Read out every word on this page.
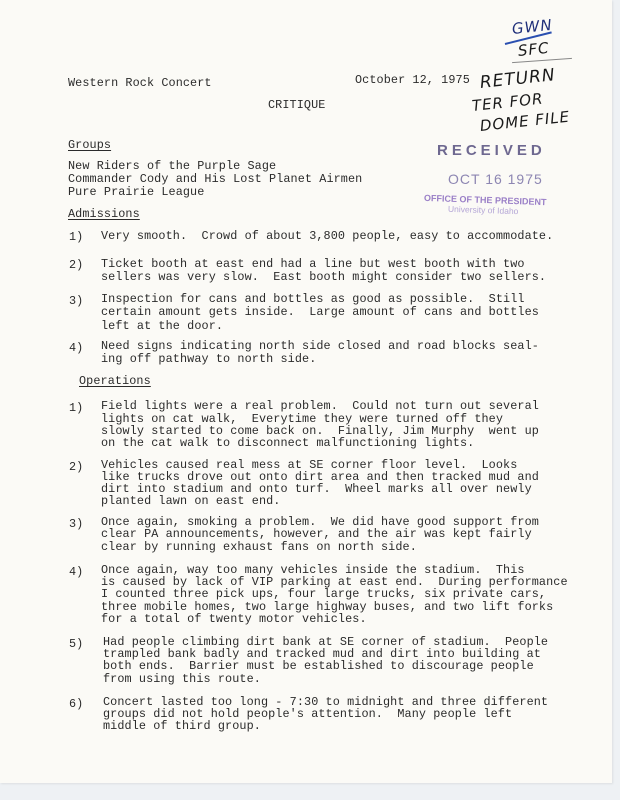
Western Rock Concert	October 12, 1975
CRITIQUE
GWN
SFC
RETURN
TER FOR
DOME FILE
RECEIVED
OCT 16 1975
OFFICE OF THE PRESIDENT
University of Idaho
Groups
New Riders of the Purple Sage
Commander Cody and His Lost Planet Airmen
Pure Prairie League
Admissions
1) Very smooth.  Crowd of about 3,800 people, easy to accommodate.
2) Ticket booth at east end had a line but west booth with two
sellers was very slow.  East booth might consider two sellers.
3) Inspection for cans and bottles as good as possible.  Still
certain amount gets inside.  Large amount of cans and bottles
left at the door.
4) Need signs indicating north side closed and road blocks seal-
ing off pathway to north side.
Operations
1) Field lights were a real problem.  Could not turn out several
lights on cat walk,  Everytime they were turned off they
slowly started to come back on.  Finally, Jim Murphy  went up
on the cat walk to disconnect malfunctioning lights.
2) Vehicles caused real mess at SE corner floor level.  Looks
like trucks drove out onto dirt area and then tracked mud and
dirt into stadium and onto turf.  Wheel marks all over newly
planted lawn on east end.
3) Once again, smoking a problem.  We did have good support from
clear PA announcements, however, and the air was kept fairly
clear by running exhaust fans on north side.
4) Once again, way too many vehicles inside the stadium.  This
is caused by lack of VIP parking at east end.  During performance
I counted three pick ups, four large trucks, six private cars,
three mobile homes, two large highway buses, and two lift forks
for a total of twenty motor vehicles.
5) Had people climbing dirt bank at SE corner of stadium.  People
trampled bank badly and tracked mud and dirt into building at
both ends.  Barrier must be established to discourage people
from using this route.
6) Concert lasted too long - 7:30 to midnight and three different
groups did not hold people's attention.  Many people left
middle of third group.
